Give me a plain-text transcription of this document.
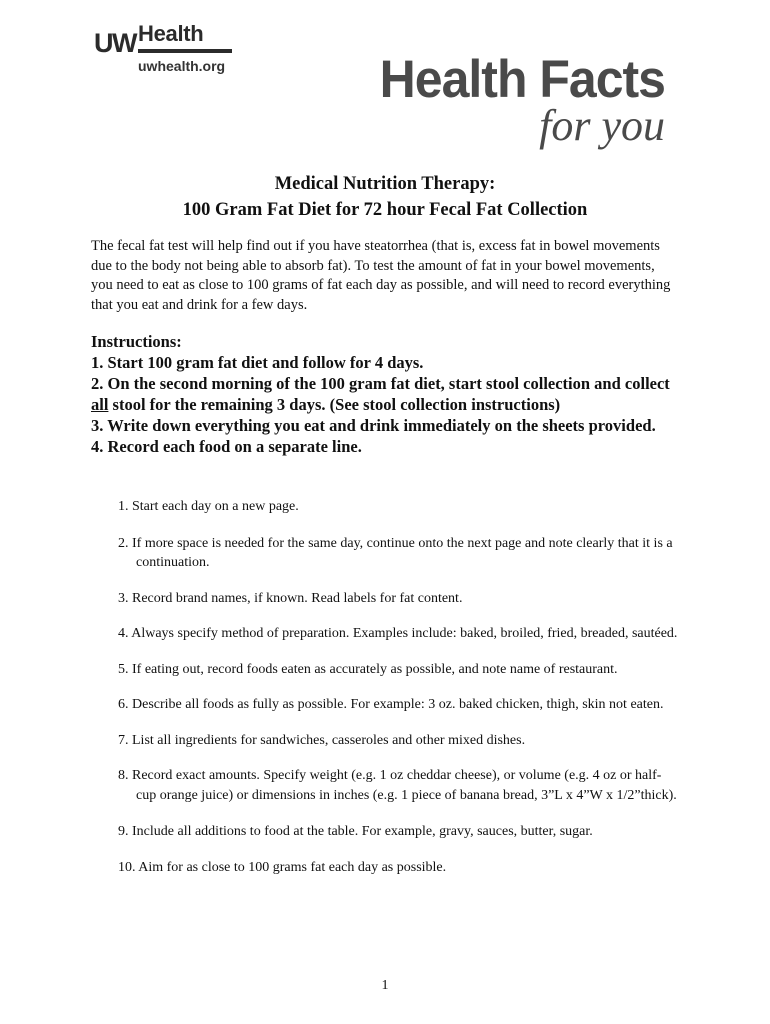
UW Health
uwhealth.org	Health Facts
for you
Medical Nutrition Therapy:
100 Gram Fat Diet for 72 hour Fecal Fat Collection
The fecal fat test will help find out if you have steatorrhea (that is, excess fat in bowel movements due to the body not being able to absorb fat). To test the amount of fat in your bowel movements, you need to eat as close to 100 grams of fat each day as possible, and will need to record everything that you eat and drink for a few days.
Instructions:
1. Start 100 gram fat diet and follow for 4 days.
2. On the second morning of the 100 gram fat diet, start stool collection and collect all stool for the remaining 3 days. (See stool collection instructions)
3. Write down everything you eat and drink immediately on the sheets provided.
4. Record each food on a separate line.
1. Start each day on a new page.
2. If more space is needed for the same day, continue onto the next page and note clearly that it is a continuation.
3. Record brand names, if known. Read labels for fat content.
4. Always specify method of preparation. Examples include: baked, broiled, fried, breaded, sautéed.
5. If eating out, record foods eaten as accurately as possible, and note name of restaurant.
6. Describe all foods as fully as possible. For example: 3 oz. baked chicken, thigh, skin not eaten.
7. List all ingredients for sandwiches, casseroles and other mixed dishes.
8. Record exact amounts. Specify weight (e.g. 1 oz cheddar cheese), or volume (e.g. 4 oz or half-cup orange juice) or dimensions in inches (e.g. 1 piece of banana bread, 3”L x 4”W x 1/2”thick).
9. Include all additions to food at the table. For example, gravy, sauces, butter, sugar.
10. Aim for as close to 100 grams fat each day as possible.
1
